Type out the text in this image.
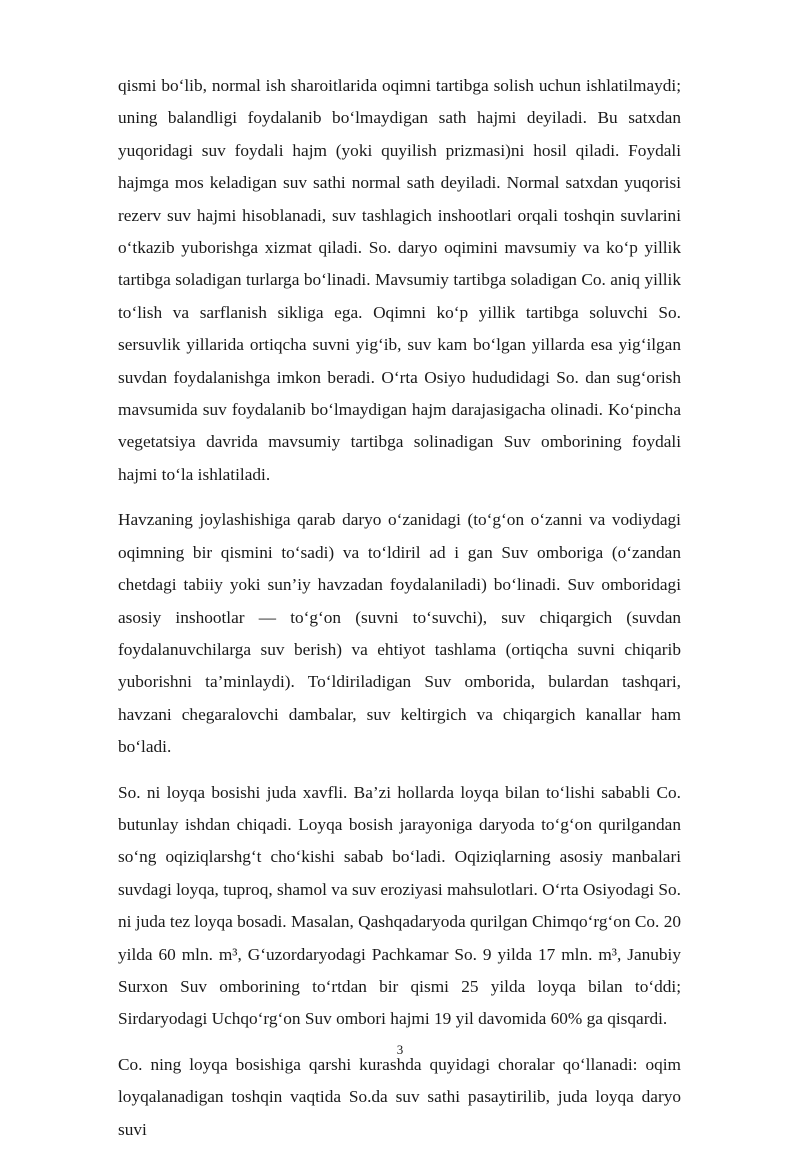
qismi boʻlib, normal ish sharoitlarida oqimni tartibga solish uchun ishlatilmaydi; uning balandligi foydalanib boʻlmaydigan sath hajmi deyiladi. Bu satxdan yuqoridagi suv foydali hajm (yoki quyilish prizmasi)ni hosil qiladi. Foydali hajmga mos keladigan suv sathi normal sath deyiladi. Normal satxdan yuqorisi rezerv suv hajmi hisoblanadi, suv tashlagich inshootlari orqali toshqin suvlarini oʻtkazib yuborishga xizmat qiladi. So. daryo oqimini mavsumiy va koʻp yillik tartibga soladigan turlarga boʻlinadi. Mavsumiy tartibga soladigan Co. aniq yillik toʻlish va sarflanish sikliga ega. Oqimni koʻp yillik tartibga soluvchi So. sersuvlik yillarida ortiqcha suvni yigʻib, suv kam boʻlgan yillarda esa yigʻilgan suvdan foydalanishga imkon beradi. Oʻrta Osiyo hududidagi So. dan sugʻorish mavsumida suv foydalanib boʻlmaydigan hajm darajasigacha olinadi. Koʻpincha vegetatsiya davrida mavsumiy tartibga solinadigan Suv omborining foydali hajmi toʻla ishlatiladi.

Havzaning joylashishiga qarab daryo oʻzanidagi (toʻgʻon oʻzanni va vodiydagi oqimning bir qismini toʻsadi) va toʻldiril ad i gan Suv omboriga (oʻzandan chetdagi tabiiy yoki sun’iy havzadan foydalaniladi) boʻlinadi. Suv omboridagi asosiy inshootlar — toʻgʻon (suvni toʻsuvchi), suv chiqargich (suvdan foydalanuvchilarga suv berish) va ehtiyot tashlama (ortiqcha suvni chiqarib yuborishni ta’minlaydi). Toʻldiriladigan Suv omborida, bulardan tashqari, havzani chegaralovchi dambalar, suv keltirgich va chiqargich kanallar ham boʻladi.

So. ni loyqa bosishi juda xavfli. Ba’zi hollarda loyqa bilan toʻlishi sababli Co. butunlay ishdan chiqadi. Loyqa bosish jarayoniga daryoda toʻgʻon qurilgandan soʻng oqiziqlarshgʻt choʻkishi sabab boʻladi. Oqiziqlarning asosiy manbalari suvdagi loyqa, tuproq, shamol va suv eroziyasi mahsulotlari. Oʻrta Osiyodagi So. ni juda tez loyqa bosadi. Masalan, Qashqadaryoda qurilgan Chimqoʻrgʻon Co. 20 yilda 60 mln. m³, Gʻuzordaryodagi Pachkamar So. 9 yilda 17 mln. m³, Janubiy Surxon Suv omborining toʻrtdan bir qismi 25 yilda loyqa bilan toʻddi; Sirdaryodagi Uchqoʻrgʻon Suv ombori hajmi 19 yil davomida 60% ga qisqardi.

Co. ning loyqa bosishiga qarshi kurashda quyidagi choralar qoʻllanadi: oqim loyqalanadigan toshqin vaqtida So.da suv sathi pasaytirilib, juda loyqa daryo suvi

3
